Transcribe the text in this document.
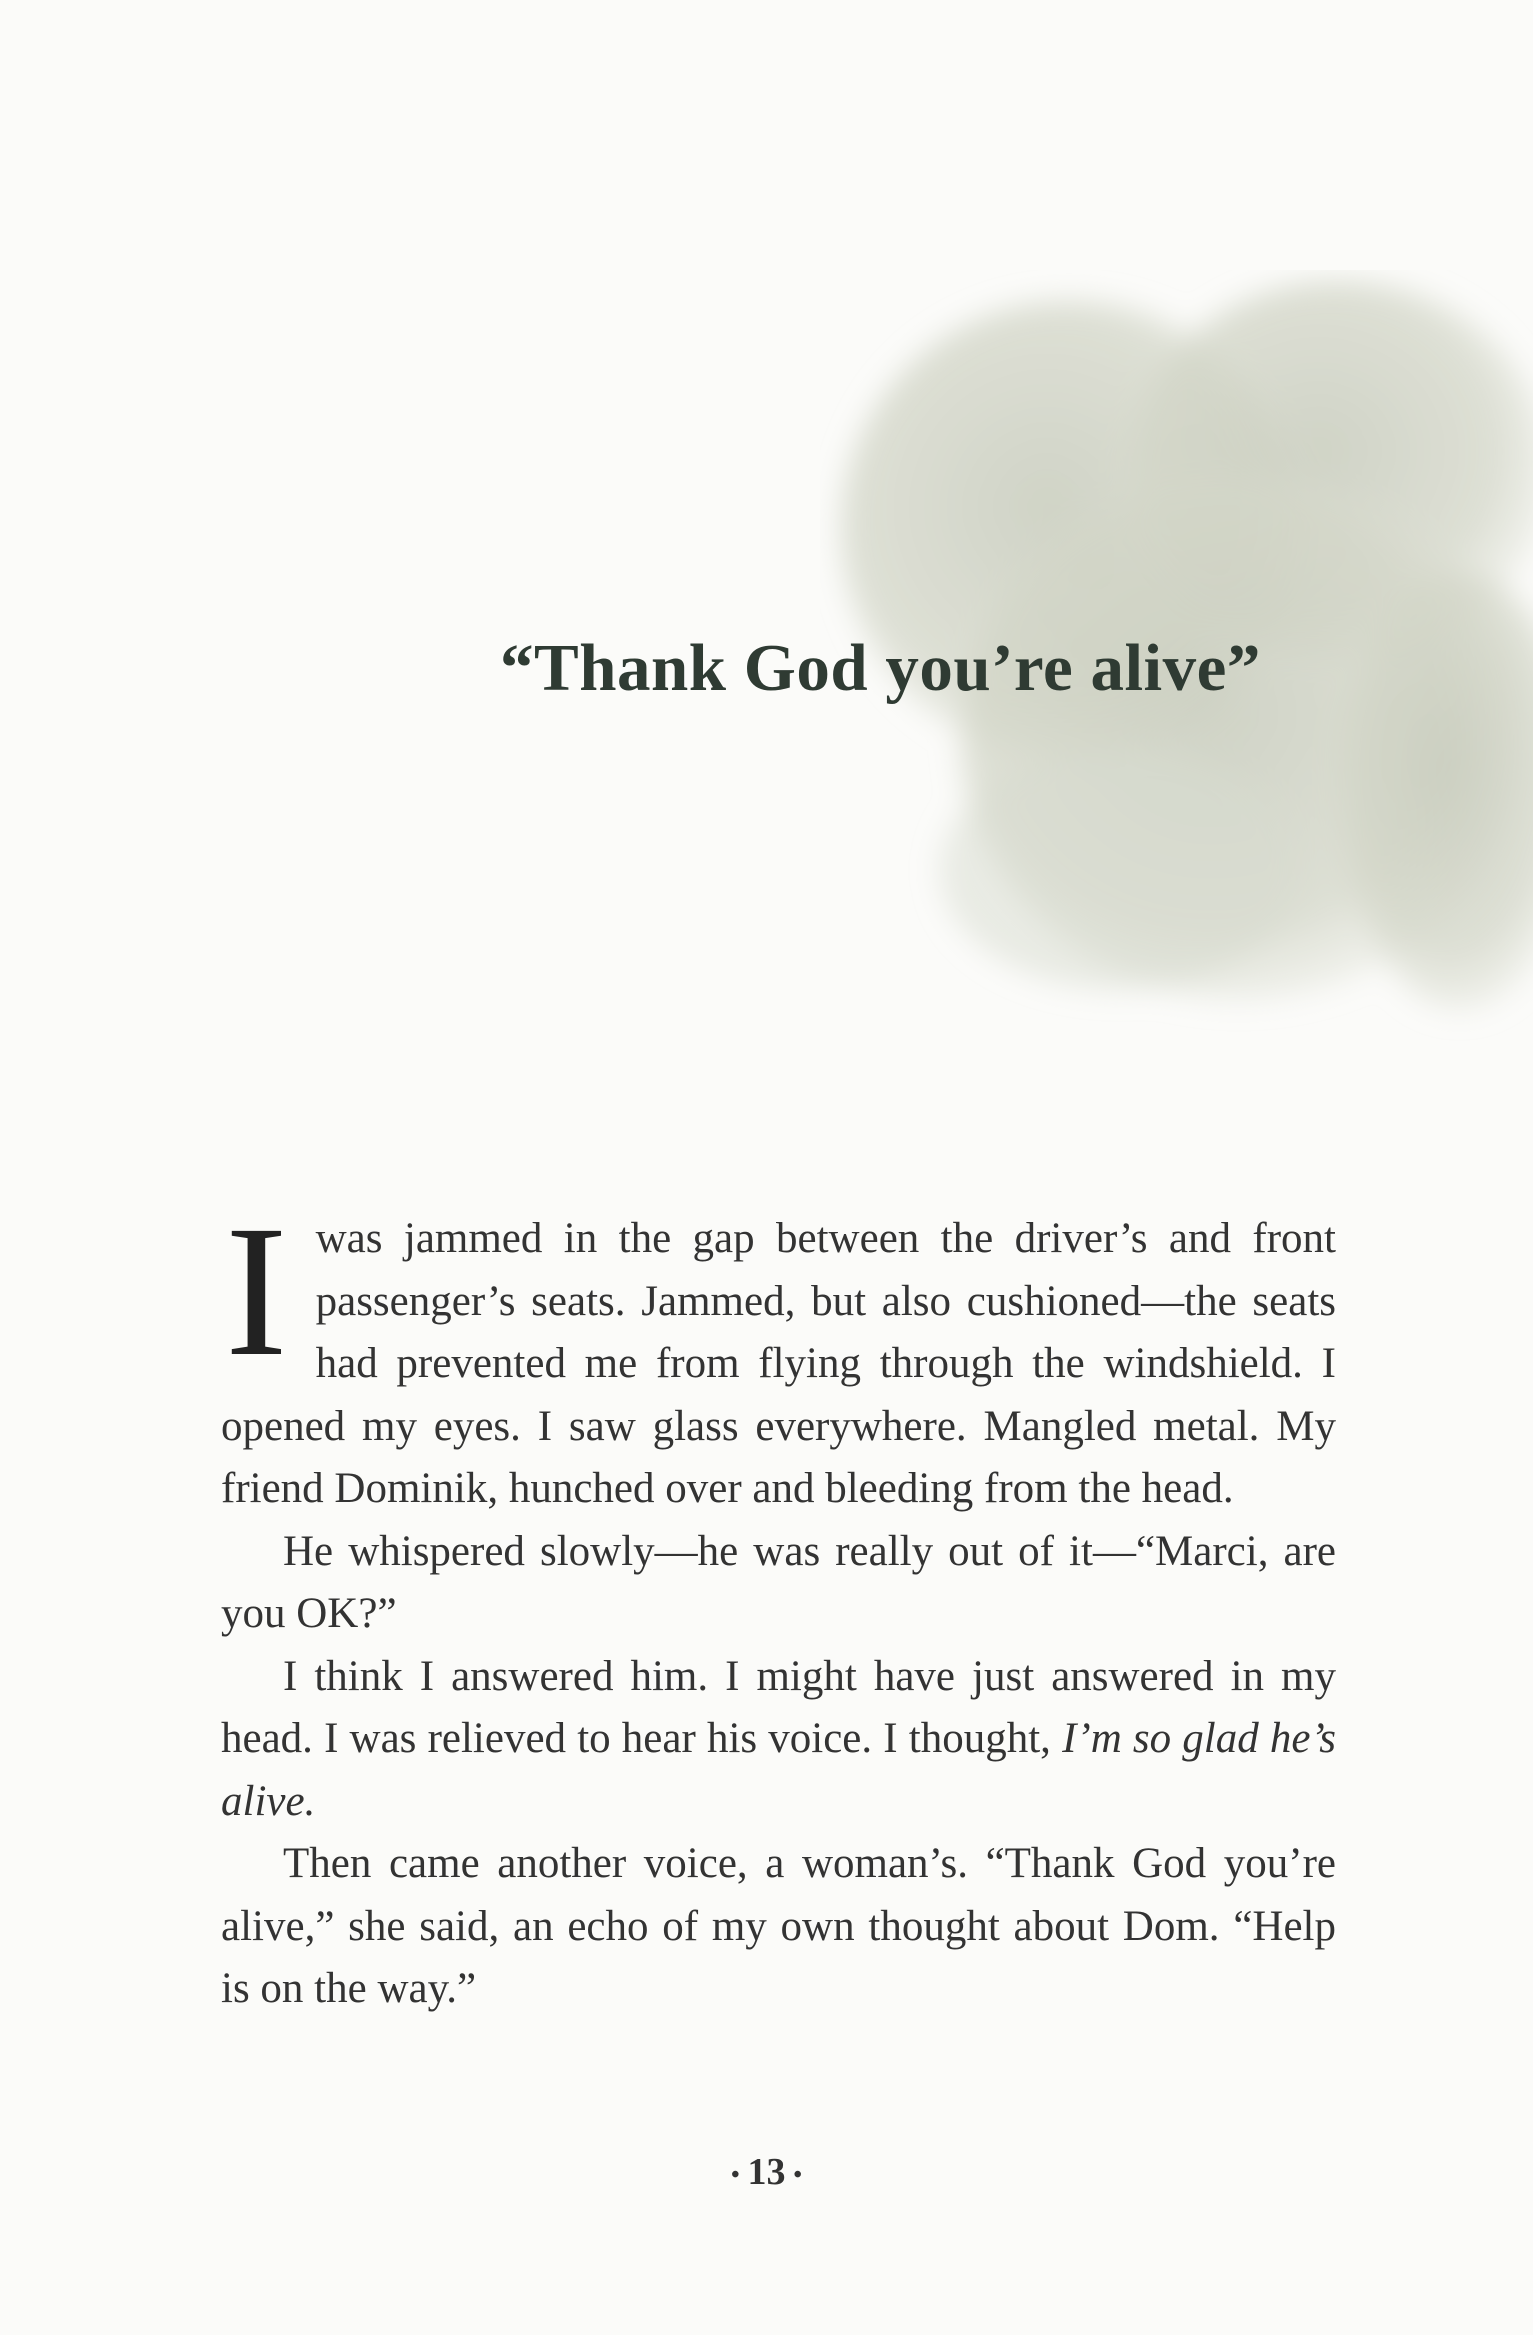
“Thank God you’re alive”

Iwas jammed in the gap between the driver’s and front passenger’s seats. Jammed, but also cushioned—the seats had prevented me from flying through the windshield. I opened my eyes. I saw glass everywhere. Mangled metal. My friend Dominik, hunched over and bleeding from the head.

He whispered slowly—he was really out of it—“Marci, are you OK?”

I think I answered him. I might have just answered in my head. I was relieved to hear his voice. I thought, I’m so glad he’s alive.

Then came another voice, a woman’s. “Thank God you’re alive,” she said, an echo of my own thought about Dom. “Help is on the way.”

• 13 •
